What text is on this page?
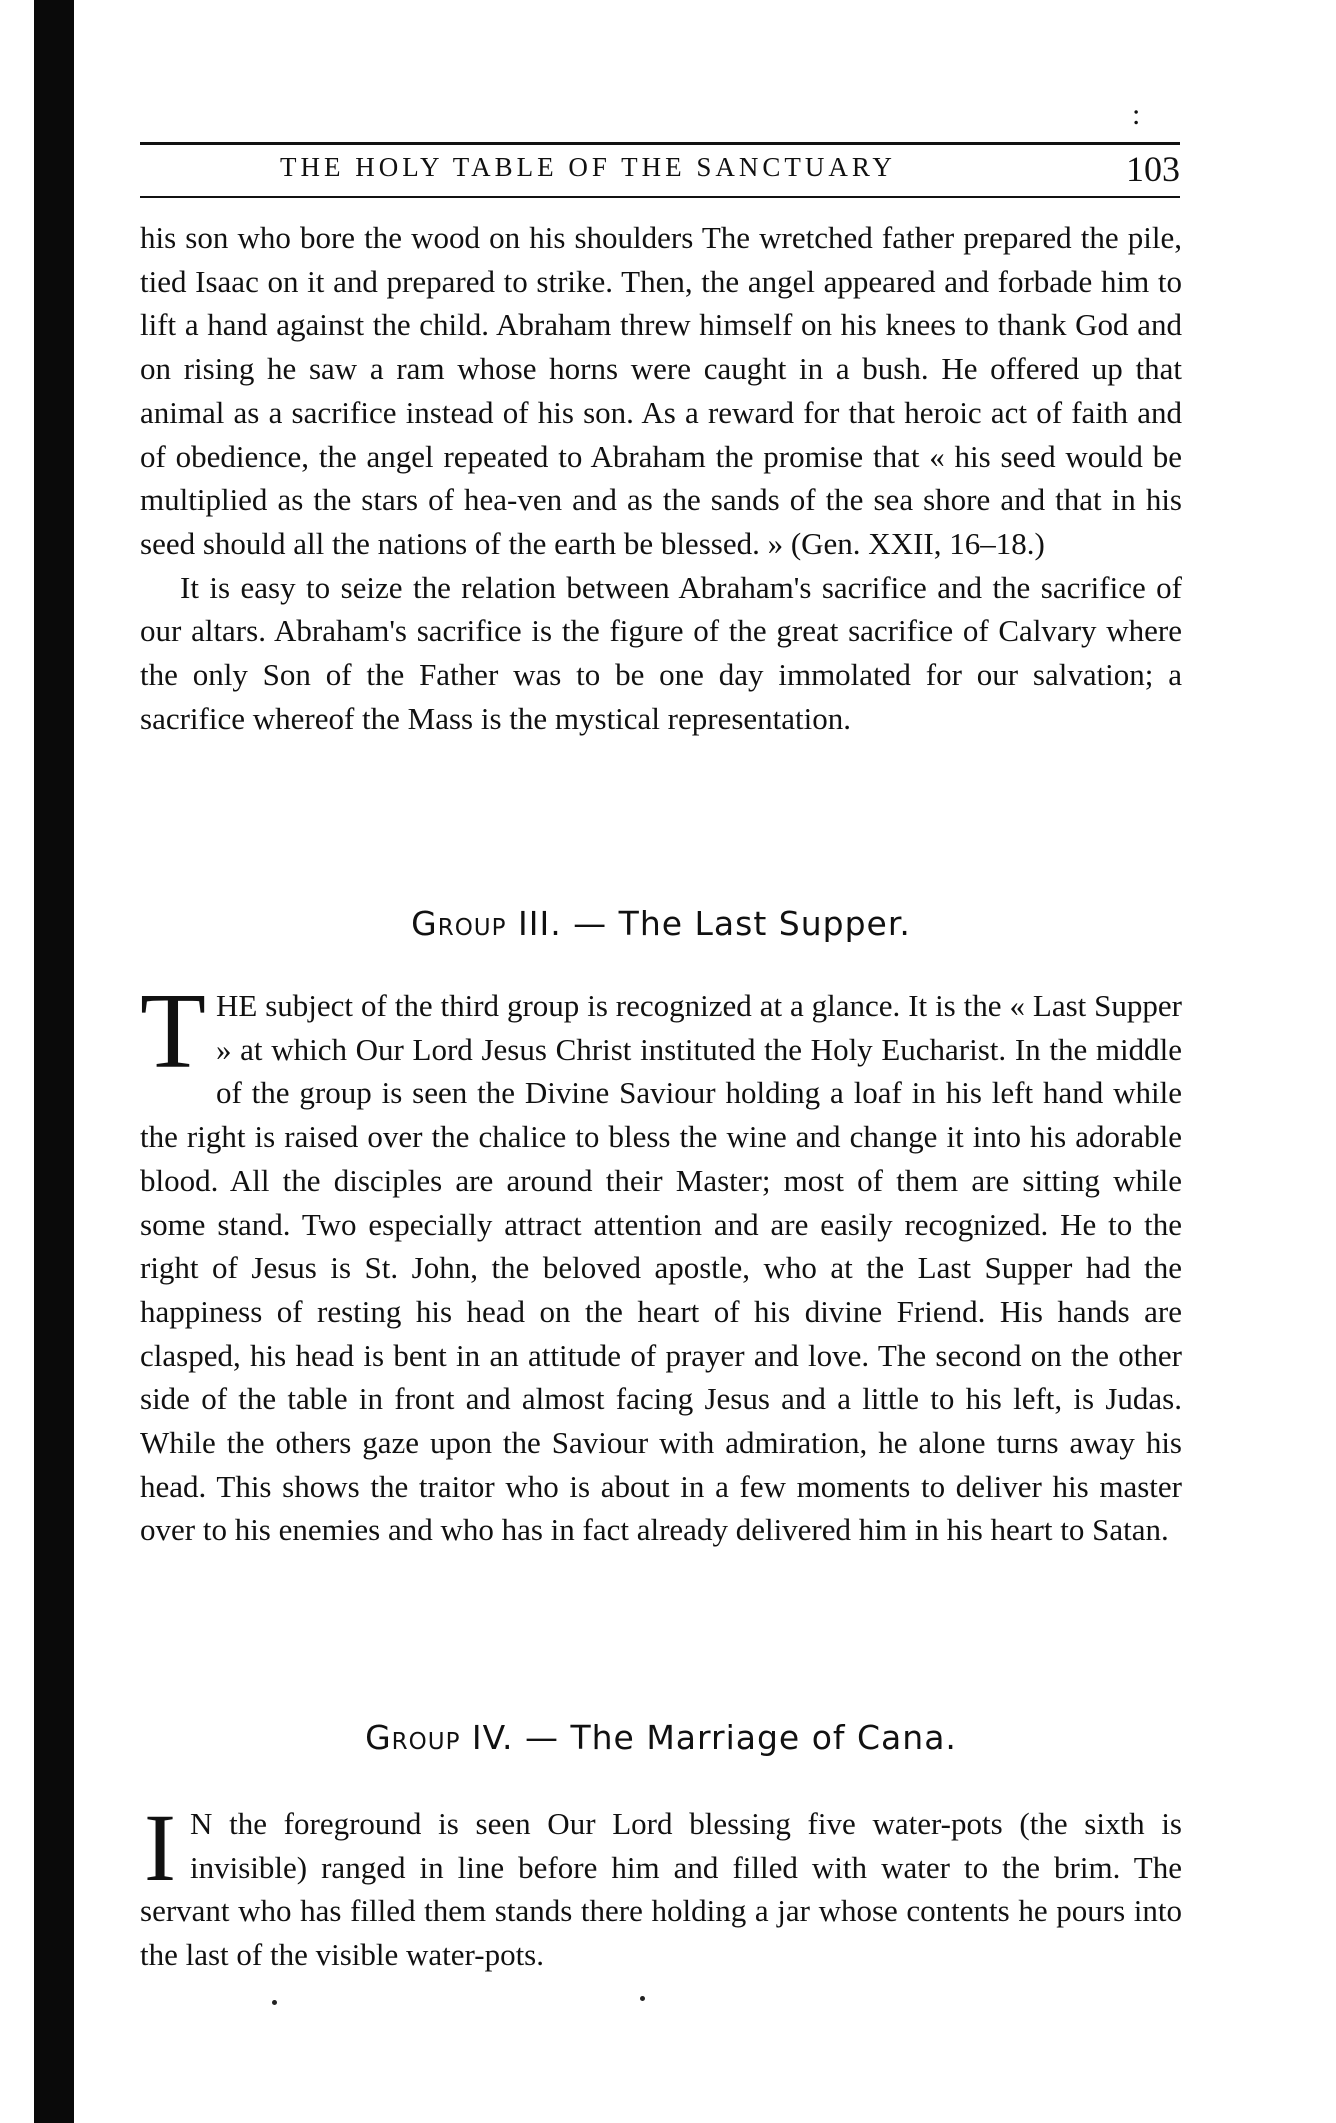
:
THE HOLY TABLE OF THE SANCTUARY	103

his son who bore the wood on his shoulders The wretched father prepared the pile, tied Isaac on it and prepared to strike. Then, the angel appeared and forbade him to lift a hand against the child. Abraham threw himself on his knees to thank God and on rising he saw a ram whose horns were caught in a bush. He offered up that animal as a sacrifice instead of his son. As a reward for that heroic act of faith and of obedience, the angel repeated to Abraham the promise that « his seed would be multiplied as the stars of hea-ven and as the sands of the sea shore and that in his seed should all the nations of the earth be blessed. » (Gen. XXII, 16–18.)

It is easy to seize the relation between Abraham's sacrifice and the sacrifice of our altars. Abraham's sacrifice is the figure of the great sacrifice of Calvary where the only Son of the Father was to be one day immolated for our salvation; a sacrifice whereof the Mass is the mystical representation.

Group III. — The Last Supper.

THE subject of the third group is recognized at a glance. It is the « Last Supper » at which Our Lord Jesus Christ instituted the Holy Eucharist. In the middle of the group is seen the Divine Saviour holding a loaf in his left hand while the right is raised over the chalice to bless the wine and change it into his adorable blood. All the disciples are around their Master; most of them are sitting while some stand. Two especially attract attention and are easily recognized. He to the right of Jesus is St. John, the beloved apostle, who at the Last Supper had the happiness of resting his head on the heart of his divine Friend. His hands are clasped, his head is bent in an attitude of prayer and love. The second on the other side of the table in front and almost facing Jesus and a little to his left, is Judas. While the others gaze upon the Saviour with admiration, he alone turns away his head. This shows the traitor who is about in a few moments to deliver his master over to his enemies and who has in fact already delivered him in his heart to Satan.

Group IV. — The Marriage of Cana.

I N the foreground is seen Our Lord blessing five water-pots (the sixth is invisible) ranged in line before him and filled with water to the brim. The servant who has filled them stands there holding a jar whose contents he pours into the last of the visible water-pots.
